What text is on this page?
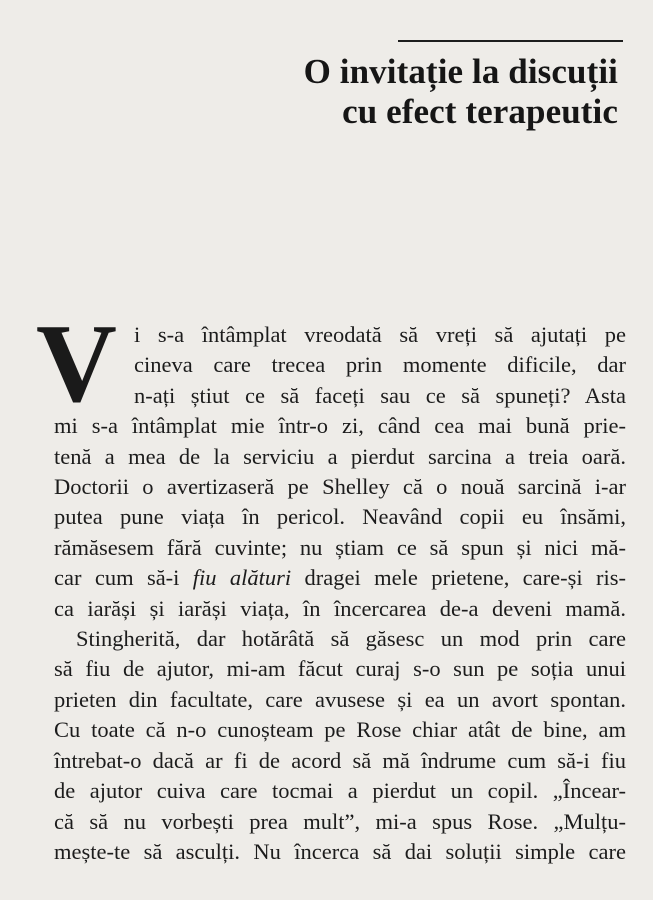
O invitație la discuții
cu efect terapeutic

V i s-a întâmplat vreodată să vreți să ajutați pe
cineva care trecea prin momente dificile, dar
n-ați știut ce să faceți sau ce să spuneți? Asta
mi s-a întâmplat mie într-o zi, când cea mai bună prie-
tenă a mea de la serviciu a pierdut sarcina a treia oară.
Doctorii o avertizaseră pe Shelley că o nouă sarcină i-ar
putea pune viața în pericol. Neavând copii eu însămi,
rămăsesem fără cuvinte; nu știam ce să spun și nici mă-
car cum să-i fiu alături dragei mele prietene, care-și ris-
ca iarăși și iarăși viața, în încercarea de-a deveni mamă.

Stingherită, dar hotărâtă să găsesc un mod prin care
să fiu de ajutor, mi-am făcut curaj s-o sun pe soția unui
prieten din facultate, care avusese și ea un avort spontan.
Cu toate că n-o cunoșteam pe Rose chiar atât de bine, am
întrebat-o dacă ar fi de acord să mă îndrume cum să-i fiu
de ajutor cuiva care tocmai a pierdut un copil. „Încear-
că să nu vorbești prea mult”, mi-a spus Rose. „Mulțu-
mește-te să asculți. Nu încerca să dai soluții simple care
